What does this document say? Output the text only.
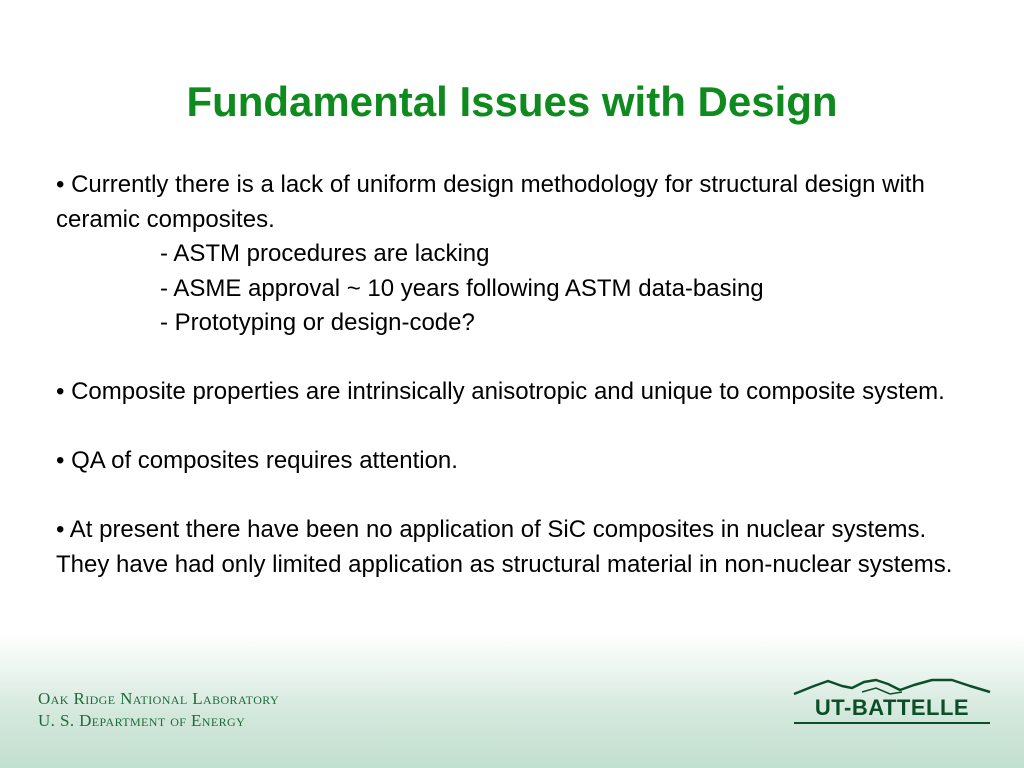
Fundamental Issues with Design

• Currently there is a lack of uniform design methodology for structural design with ceramic composites.

- ASTM procedures are lacking

- ASME approval ~ 10 years following ASTM data-basing

- Prototyping or design-code?

• Composite properties are intrinsically anisotropic and unique to composite system.

• QA of composites requires attention.

• At present there have been no application of SiC composites in nuclear systems. They have had only limited application as structural material in non-nuclear systems.

Oak Ridge National Laboratory
U. S. Department of Energy
UT-BATTELLE
